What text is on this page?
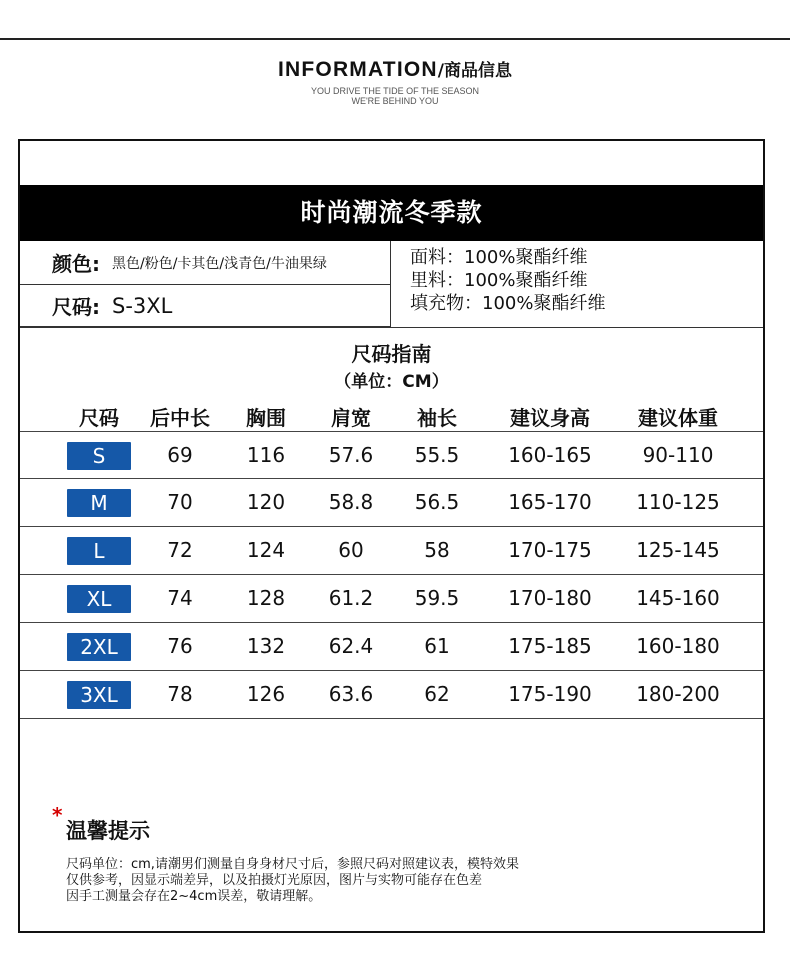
INFORMATION/商品信息
YOU DRIVE THE TIDE OF THE SEASON
WE'RE BEHIND YOU
时尚潮流冬季款
颜色: 黑色/粉色/卡其色/浅青色/牛油果绿
尺码: S-3XL
面料：100%聚酯纤维
里料：100%聚酯纤维
填充物：100%聚酯纤维
尺码指南
（单位：CM）
尺码	后中长	胸围	肩宽	袖长	建议身高	建议体重
S	69	116	57.6	55.5	160-165	90-110
M	70	120	58.8	56.5	165-170	110-125
L	72	124	60	58	170-175	125-145
XL	74	128	61.2	59.5	170-180	145-160
2XL	76	132	62.4	61	175-185	160-180
3XL	78	126	63.6	62	175-190	180-200
*
温馨提示
尺码单位：cm,请潮男们测量自身身材尺寸后，参照尺码对照建议表，模特效果
仅供参考，因显示端差异，以及拍摄灯光原因，图片与实物可能存在色差
因手工测量会存在2~4cm误差，敬请理解。
